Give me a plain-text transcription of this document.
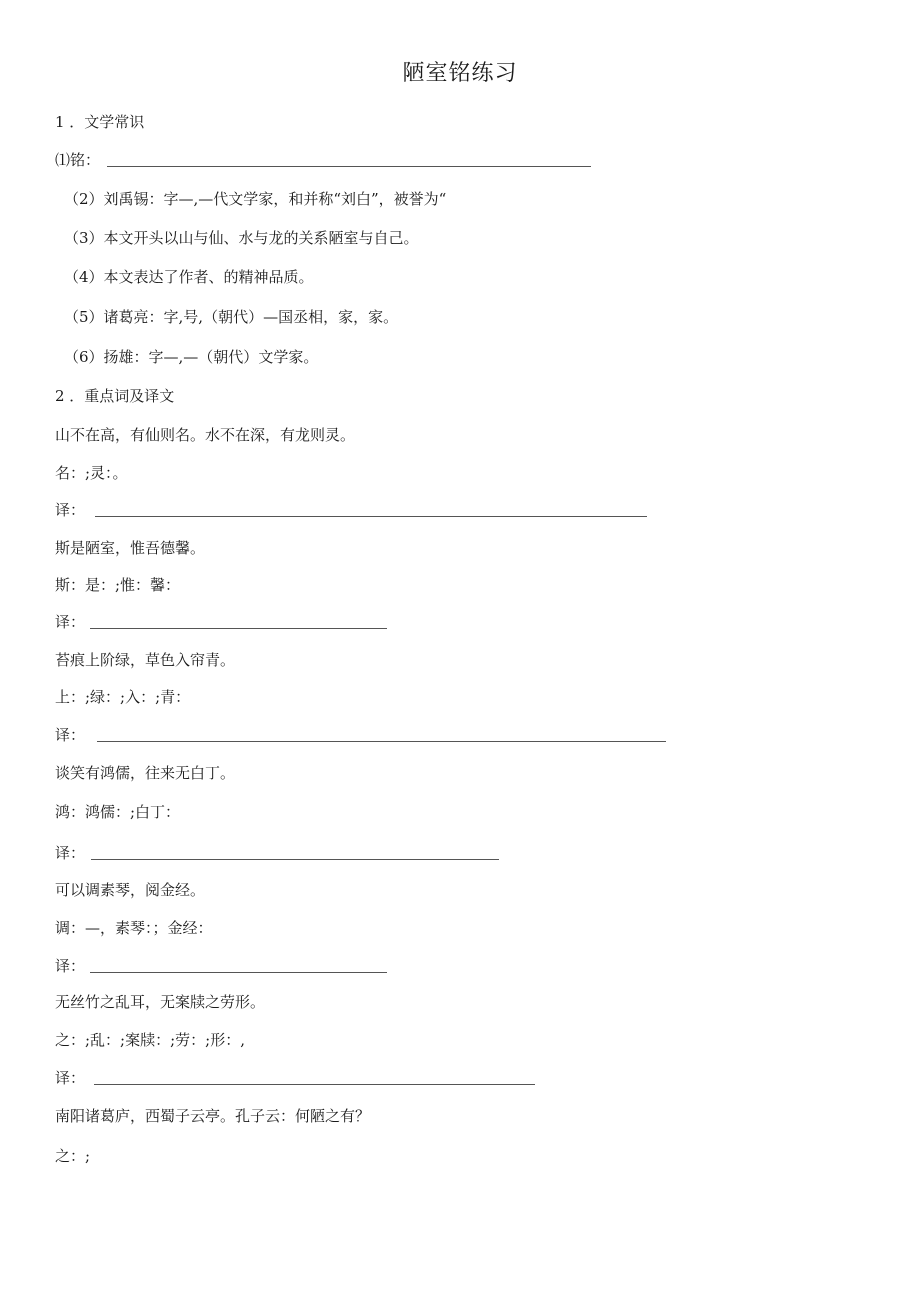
陋室铭练习
1 ．文学常识
⑴铭：
（2）刘禹锡：字—,—代文学家，和并称“刘白”，被誉为“
（3）本文开头以山与仙、水与龙的关系陋室与自己。
（4）本文表达了作者、的精神品质。
（5）诸葛亮：字,号,（朝代）—国丞相，家，家。
（6）扬雄：字—,—（朝代）文学家。
2 ．重点词及译文
山不在高，有仙则名。水不在深，有龙则灵。
名：;灵：。
译：
斯是陋室，惟吾德馨。
斯：是：;惟：馨：
译：
苔痕上阶绿，草色入帘青。
上：;绿：;入：;青：
译：
谈笑有鸿儒，往来无白丁。
鸿：鸿儒：;白丁：
译：
可以调素琴，阅金经。
调：—，素琴：；金经：
译：
无丝竹之乱耳，无案牍之劳形。
之：;乱：;案牍：;劳：;形：,
译：
南阳诸葛庐，西蜀子云亭。孔子云：何陋之有？
之：;
